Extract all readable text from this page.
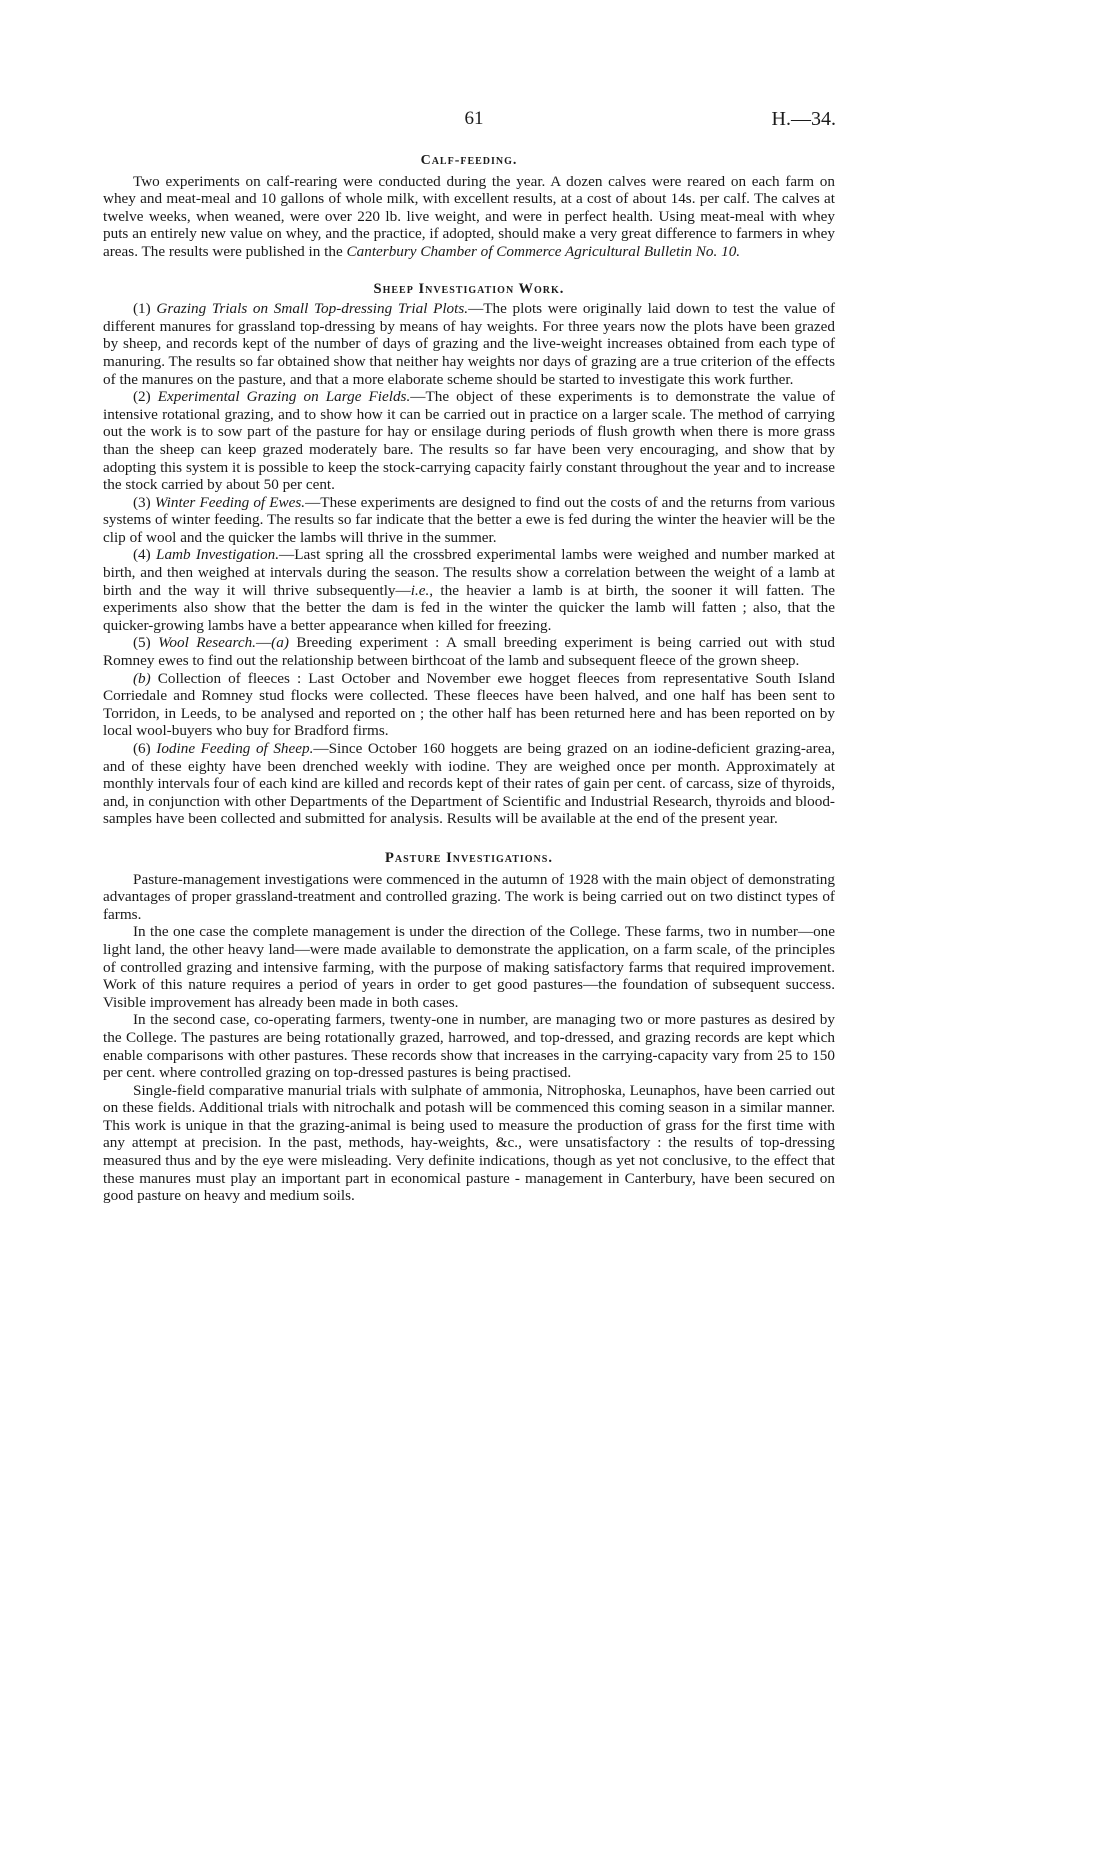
61	H.—34.
Calf-feeding.

Two experiments on calf-rearing were conducted during the year. A dozen calves were reared on each farm on whey and meat-meal and 10 gallons of whole milk, with excellent results, at a cost of about 14s. per calf. The calves at twelve weeks, when weaned, were over 220 lb. live weight, and were in perfect health. Using meat-meal with whey puts an entirely new value on whey, and the practice, if adopted, should make a very great difference to farmers in whey areas. The results were published in the Canterbury Chamber of Commerce Agricultural Bulletin No. 10.

Sheep Investigation Work.

(1) Grazing Trials on Small Top-dressing Trial Plots.—The plots were originally laid down to test the value of different manures for grassland top-dressing by means of hay weights. For three years now the plots have been grazed by sheep, and records kept of the number of days of grazing and the live-weight increases obtained from each type of manuring. The results so far obtained show that neither hay weights nor days of grazing are a true criterion of the effects of the manures on the pasture, and that a more elaborate scheme should be started to investigate this work further.

(2) Experimental Grazing on Large Fields.—The object of these experiments is to demonstrate the value of intensive rotational grazing, and to show how it can be carried out in practice on a larger scale. The method of carrying out the work is to sow part of the pasture for hay or ensilage during periods of flush growth when there is more grass than the sheep can keep grazed moderately bare. The results so far have been very encouraging, and show that by adopting this system it is possible to keep the stock-carrying capacity fairly constant throughout the year and to increase the stock carried by about 50 per cent.

(3) Winter Feeding of Ewes.—These experiments are designed to find out the costs of and the returns from various systems of winter feeding. The results so far indicate that the better a ewe is fed during the winter the heavier will be the clip of wool and the quicker the lambs will thrive in the summer.

(4) Lamb Investigation.—Last spring all the crossbred experimental lambs were weighed and number marked at birth, and then weighed at intervals during the season. The results show a correlation between the weight of a lamb at birth and the way it will thrive subsequently—i.e., the heavier a lamb is at birth, the sooner it will fatten. The experiments also show that the better the dam is fed in the winter the quicker the lamb will fatten ; also, that the quicker-growing lambs have a better appearance when killed for freezing.

(5) Wool Research.—(a) Breeding experiment : A small breeding experiment is being carried out with stud Romney ewes to find out the relationship between birthcoat of the lamb and subsequent fleece of the grown sheep.

(b) Collection of fleeces : Last October and November ewe hogget fleeces from representative South Island Corriedale and Romney stud flocks were collected. These fleeces have been halved, and one half has been sent to Torridon, in Leeds, to be analysed and reported on ; the other half has been returned here and has been reported on by local wool-buyers who buy for Bradford firms.

(6) Iodine Feeding of Sheep.—Since October 160 hoggets are being grazed on an iodine-deficient grazing-area, and of these eighty have been drenched weekly with iodine. They are weighed once per month. Approximately at monthly intervals four of each kind are killed and records kept of their rates of gain per cent. of carcass, size of thyroids, and, in conjunction with other Departments of the Department of Scientific and Industrial Research, thyroids and blood-samples have been collected and submitted for analysis. Results will be available at the end of the present year.

Pasture Investigations.

Pasture-management investigations were commenced in the autumn of 1928 with the main object of demonstrating advantages of proper grassland-treatment and controlled grazing. The work is being carried out on two distinct types of farms.

In the one case the complete management is under the direction of the College. These farms, two in number—one light land, the other heavy land—were made available to demonstrate the application, on a farm scale, of the principles of controlled grazing and intensive farming, with the purpose of making satisfactory farms that required improvement. Work of this nature requires a period of years in order to get good pastures—the foundation of subsequent success. Visible improvement has already been made in both cases.

In the second case, co-operating farmers, twenty-one in number, are managing two or more pastures as desired by the College. The pastures are being rotationally grazed, harrowed, and top-dressed, and grazing records are kept which enable comparisons with other pastures. These records show that increases in the carrying-capacity vary from 25 to 150 per cent. where controlled grazing on top-dressed pastures is being practised.

Single-field comparative manurial trials with sulphate of ammonia, Nitrophoska, Leunaphos, have been carried out on these fields. Additional trials with nitrochalk and potash will be commenced this coming season in a similar manner. This work is unique in that the grazing-animal is being used to measure the production of grass for the first time with any attempt at precision. In the past, methods, hay-weights, &c., were unsatisfactory : the results of top-dressing measured thus and by the eye were misleading. Very definite indications, though as yet not conclusive, to the effect that these manures must play an important part in economical pasture - management in Canterbury, have been secured on good pasture on heavy and medium soils.
